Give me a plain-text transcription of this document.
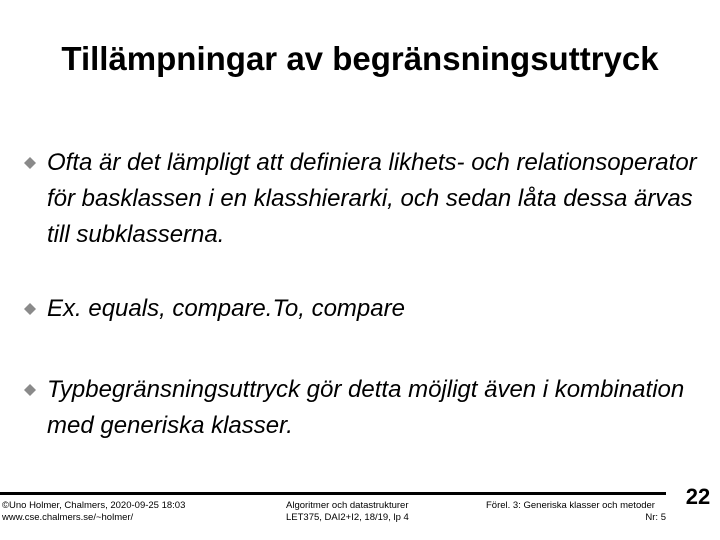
Tillämpningar av begränsningsuttryck
Ofta är det lämpligt att definiera likhets- och relationsoperator för basklassen i en klasshierarki, och sedan låta dessa ärvas till subklasserna.
Ex. equals, compare.To, compare
Typbegränsningsuttryck gör detta möjligt även i kombination med generiska klasser.
©Uno Holmer, Chalmers, 2020-09-25 18:03
www.cse.chalmers.se/~holmer/
Algoritmer och datastrukturer
LET375, DAI2+I2, 18/19, lp 4
Förel. 3: Generiska klasser och metoder

Nr: 5
22
